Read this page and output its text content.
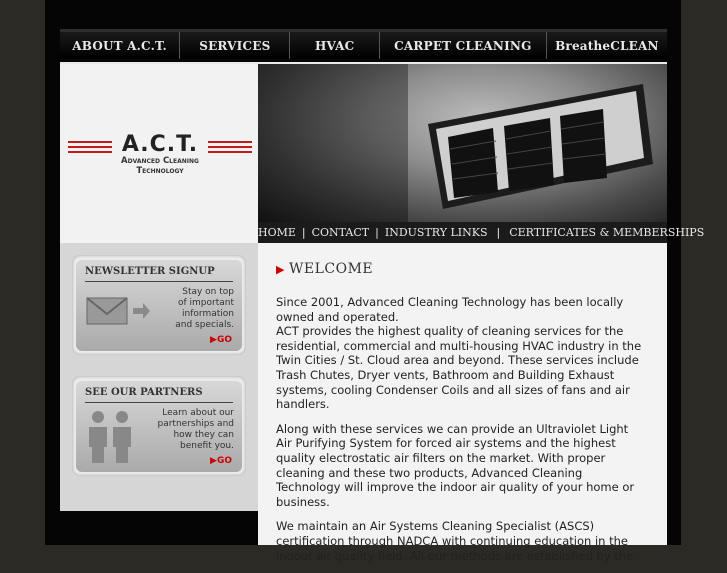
ABOUT A.C.T.	SERVICES	HVAC	CARPET CLEANING	BreatheCLEAN
A.C.T.
Advanced Cleaning
Technology
HOME | CONTACT | INDUSTRY LINKS | CERTIFICATES & MEMBERSHIPS
NEWSLETTER SIGNUP
Stay on top
of important
information
and specials.
▶GO
SEE OUR PARTNERS
Learn about our
partnerships and
how they can
benefit you.
▶GO
▶ WELCOME

Since 2001, Advanced Cleaning Technology has been locally owned and operated.
ACT provides the highest quality of cleaning services for the residential, commercial and multi-housing HVAC industry in the Twin Cities / St. Cloud area and beyond. These services include Trash Chutes, Dryer vents, Bathroom and Building Exhaust systems, cooling Condenser Coils and all sizes of fans and air handlers.

Along with these services we can provide an Ultraviolet Light Air Purifying System for forced air systems and the highest quality electrostatic air filters on the market. With proper cleaning and these two products, Advanced Cleaning Technology will improve the indoor air quality of your home or business.

We maintain an Air Systems Cleaning Specialist (ASCS) certification through NADCA with continuing education in the indoor air quality field. All our methods are established by the
